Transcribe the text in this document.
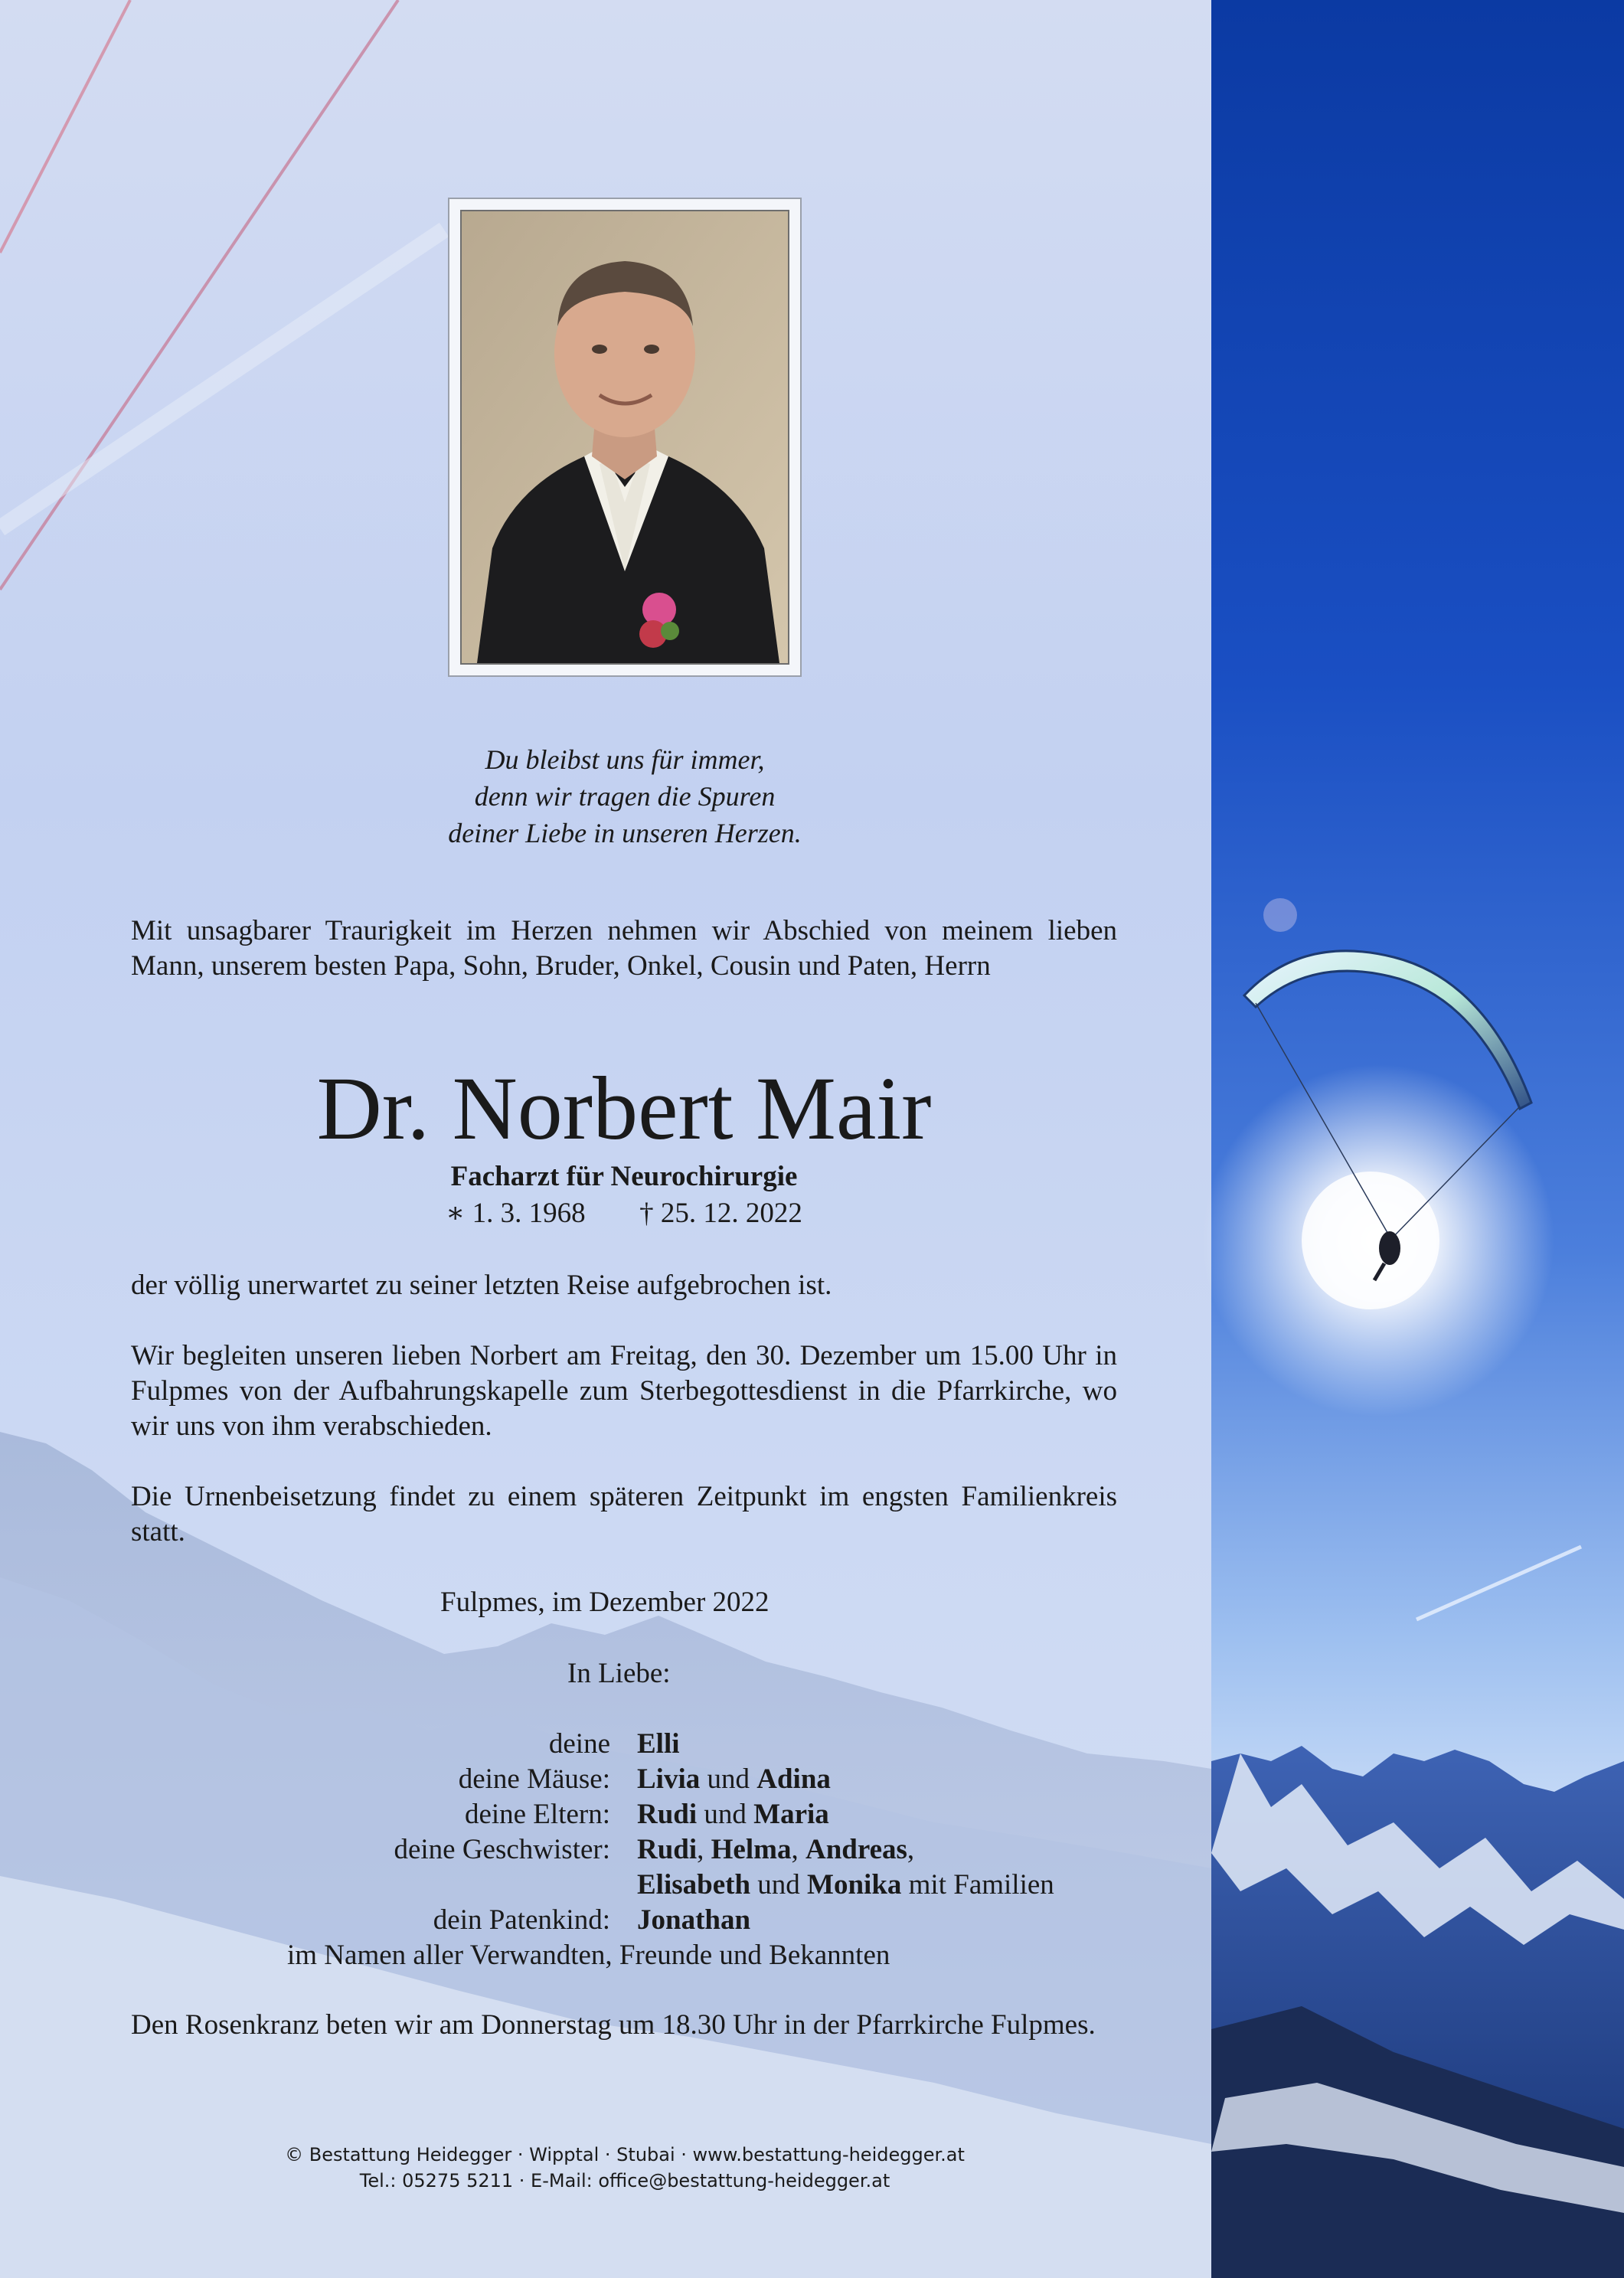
Du bleibst uns für immer,
denn wir tragen die Spuren
deiner Liebe in unseren Herzen.
Mit unsagbarer Traurigkeit im Herzen nehmen wir Abschied von meinem lieben Mann, unserem besten Papa, Sohn, Bruder, Onkel, Cousin und Paten, Herrn
Dr. Norbert Mair
Facharzt für Neurochirurgie
∗ 1. 3. 1968 † 25. 12. 2022
der völlig unerwartet zu seiner letzten Reise aufgebrochen ist.
Wir begleiten unseren lieben Norbert am Freitag, den 30. Dezember um 15.00 Uhr in Fulpmes von der Aufbahrungskapelle zum Sterbegottesdienst in die Pfarrkirche, wo wir uns von ihm verabschieden.
Die Urnenbeisetzung findet zu einem späteren Zeitpunkt im engsten Familienkreis statt.
Fulpmes, im Dezember 2022
In Liebe:
deine Elli
deine Mäuse: Livia und Adina
deine Eltern: Rudi und Maria
deine Geschwister: Rudi, Helma, Andreas,
Elisabeth und Monika mit Familien
dein Patenkind: Jonathan
im Namen aller Verwandten, Freunde und Bekannten
Den Rosenkranz beten wir am Donnerstag um 18.30 Uhr in der Pfarrkirche Fulpmes.
© Bestattung Heidegger · Wipptal · Stubai · www.bestattung-heidegger.at
Tel.: 05275 5211 · E-Mail: office@bestattung-heidegger.at
